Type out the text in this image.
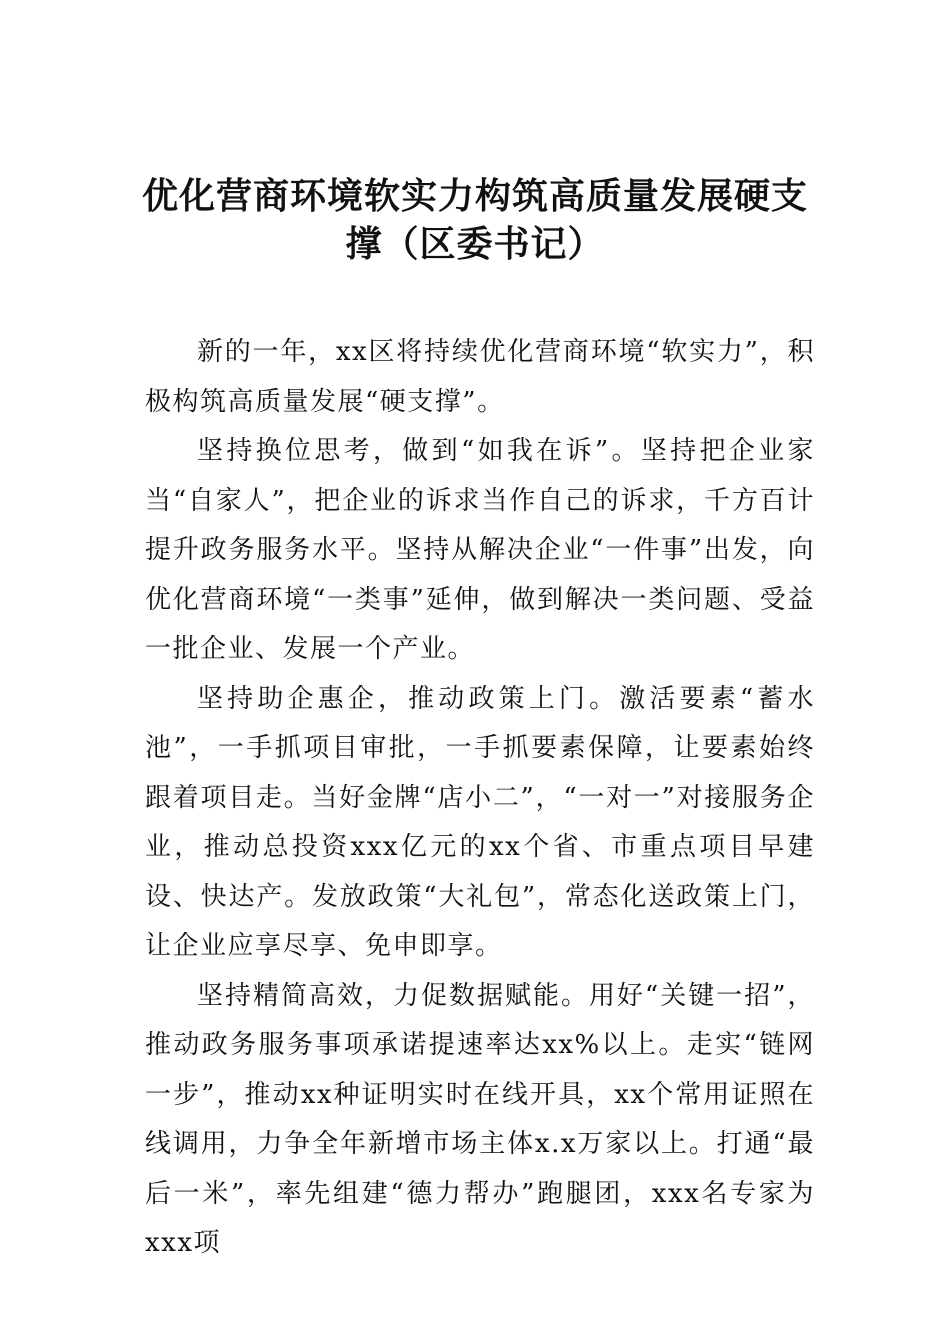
优化营商环境软实力构筑高质量发展硬支撑（区委书记）

新的一年，xx区将持续优化营商环境“软实力”，积极构筑高质量发展“硬支撑”。

坚持换位思考，做到“如我在诉”。坚持把企业家当“自家人”，把企业的诉求当作自己的诉求，千方百计提升政务服务水平。坚持从解决企业“一件事”出发，向优化营商环境“一类事”延伸，做到解决一类问题、受益一批企业、发展一个产业。

坚持助企惠企，推动政策上门。激活要素“蓄水池”，一手抓项目审批，一手抓要素保障，让要素始终跟着项目走。当好金牌“店小二”，“一对一”对接服务企业，推动总投资xxx亿元的xx个省、市重点项目早建设、快达产。发放政策“大礼包”，常态化送政策上门，让企业应享尽享、免申即享。

坚持精简高效，力促数据赋能。用好“关键一招”，推动政务服务事项承诺提速率达xx%以上。走实“链网一步”，推动xx种证明实时在线开具，xx个常用证照在线调用，力争全年新增市场主体x.x万家以上。打通“最后一米”，率先组建“德力帮办”跑腿团，xxx名专家为xxx项
